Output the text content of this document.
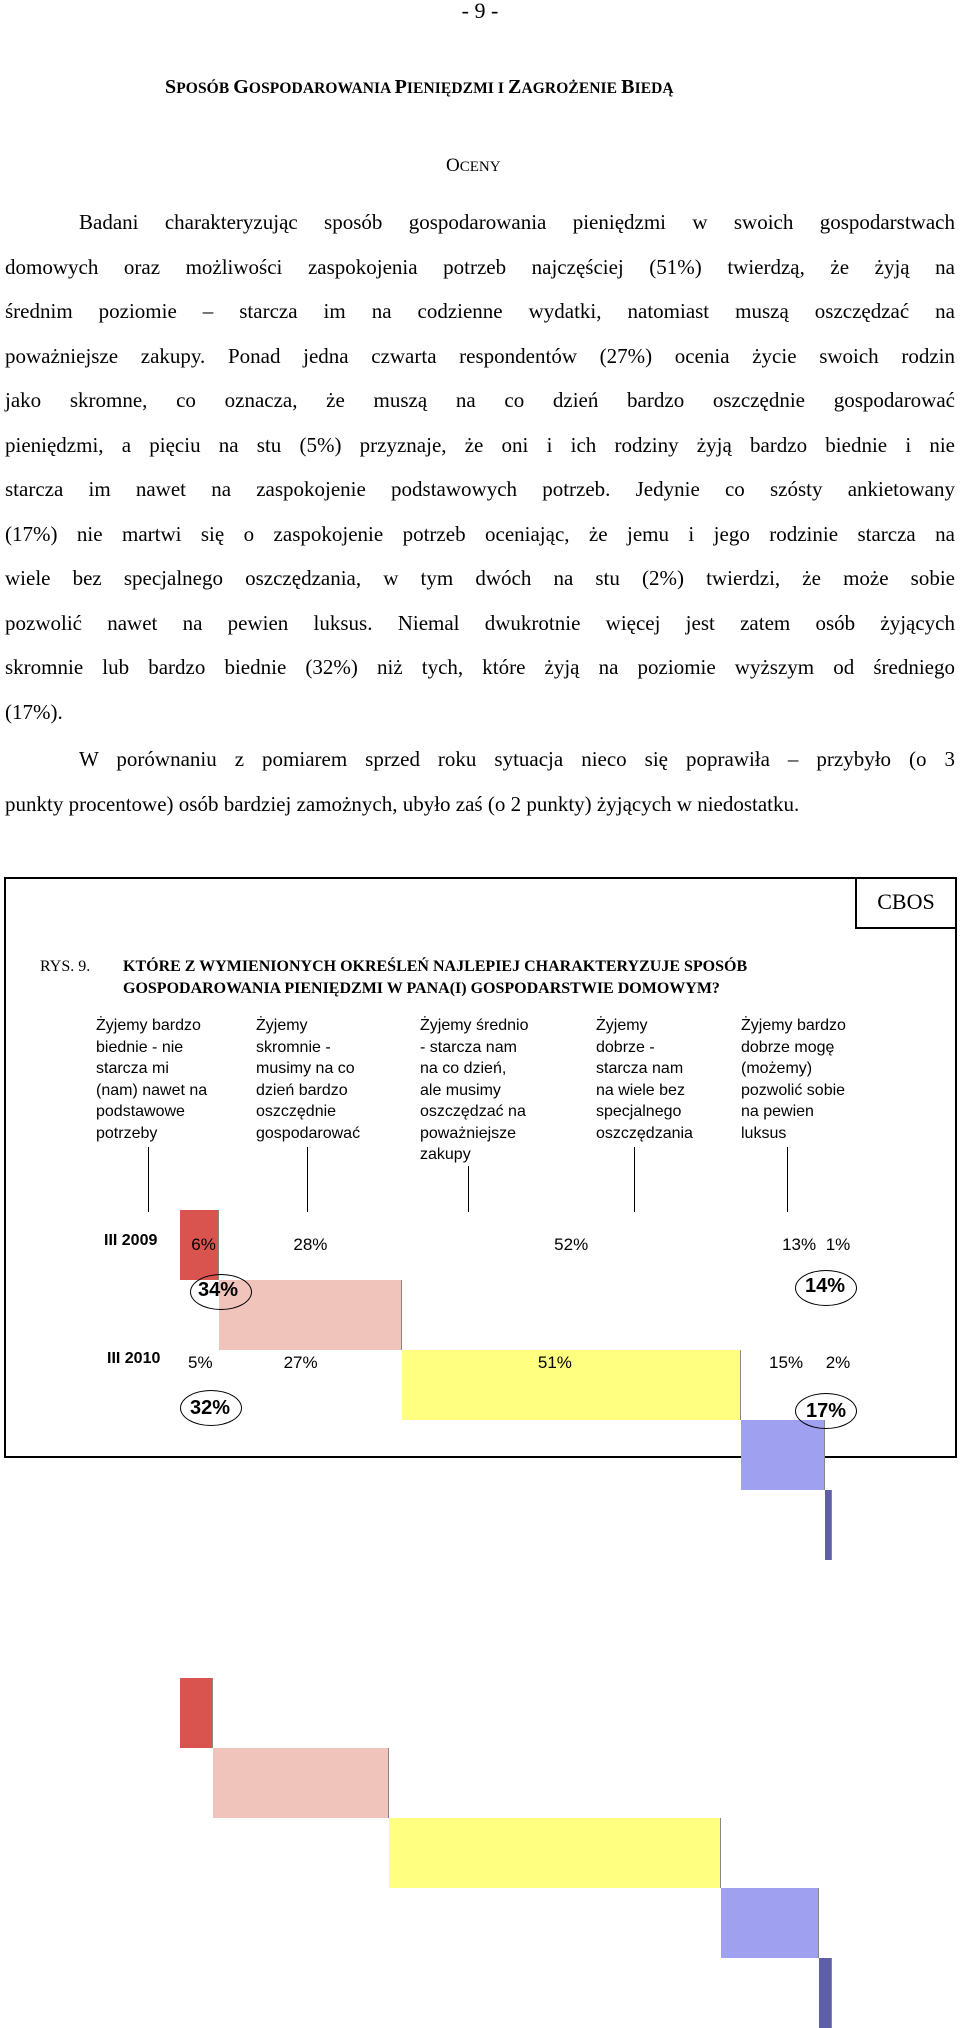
- 9 -
SPOSÓB GOSPODAROWANIA PIENIĘDZMI I ZAGROŻENIE BIEDĄ
OCENY
Badani charakteryzując sposób gospodarowania pieniędzmi w swoich gospodarstwach
domowych oraz możliwości zaspokojenia potrzeb najczęściej (51%) twierdzą, że żyją na
średnim poziomie – starcza im na codzienne wydatki, natomiast muszą oszczędzać na
poważniejsze zakupy. Ponad jedna czwarta respondentów (27%) ocenia życie swoich rodzin
jako skromne, co oznacza, że muszą na co dzień bardzo oszczędnie gospodarować
pieniędzmi, a pięciu na stu (5%) przyznaje, że oni i ich rodziny żyją bardzo biednie i nie
starcza im nawet na zaspokojenie podstawowych potrzeb. Jedynie co szósty ankietowany
(17%) nie martwi się o zaspokojenie potrzeb oceniając, że jemu i jego rodzinie starcza na
wiele bez specjalnego oszczędzania, w tym dwóch na stu (2%) twierdzi, że może sobie
pozwolić nawet na pewien luksus. Niemal dwukrotnie więcej jest zatem osób żyjących
skromnie lub bardzo biednie (32%) niż tych, które żyją na poziomie wyższym od średniego
(17%).
W porównaniu z pomiarem sprzed roku sytuacja nieco się poprawiła – przybyło (o 3
punkty procentowe) osób bardziej zamożnych, ubyło zaś (o 2 punkty) żyjących w niedostatku.
CBOS
RYS. 9. KTÓRE Z WYMIENIONYCH OKREŚLEŃ NAJLEPIEJ CHARAKTERYZUJE SPOSÓB
GOSPODAROWANIA PIENIĘDZMI W PANA(I) GOSPODARSTWIE DOMOWYM?
Żyjemy bardzo
biednie - nie
starcza mi
(nam) nawet na
podstawowe
potrzeby
Żyjemy
skromnie -
musimy na co
dzień bardzo
oszczędnie
gospodarować
Żyjemy średnio
- starcza nam
na co dzień,
ale musimy
oszczędzać na
poważniejsze
zakupy
Żyjemy
dobrze -
starcza nam
na wiele bez
specjalnego
oszczędzania
Żyjemy bardzo
dobrze mogę
(możemy)
pozwolić sobie
na pewien
luksus
III 2009 6%	28%	52%	13% 1%
34%	14%
III 2010 5%	27%	51%	15% 2%
32%	17%
